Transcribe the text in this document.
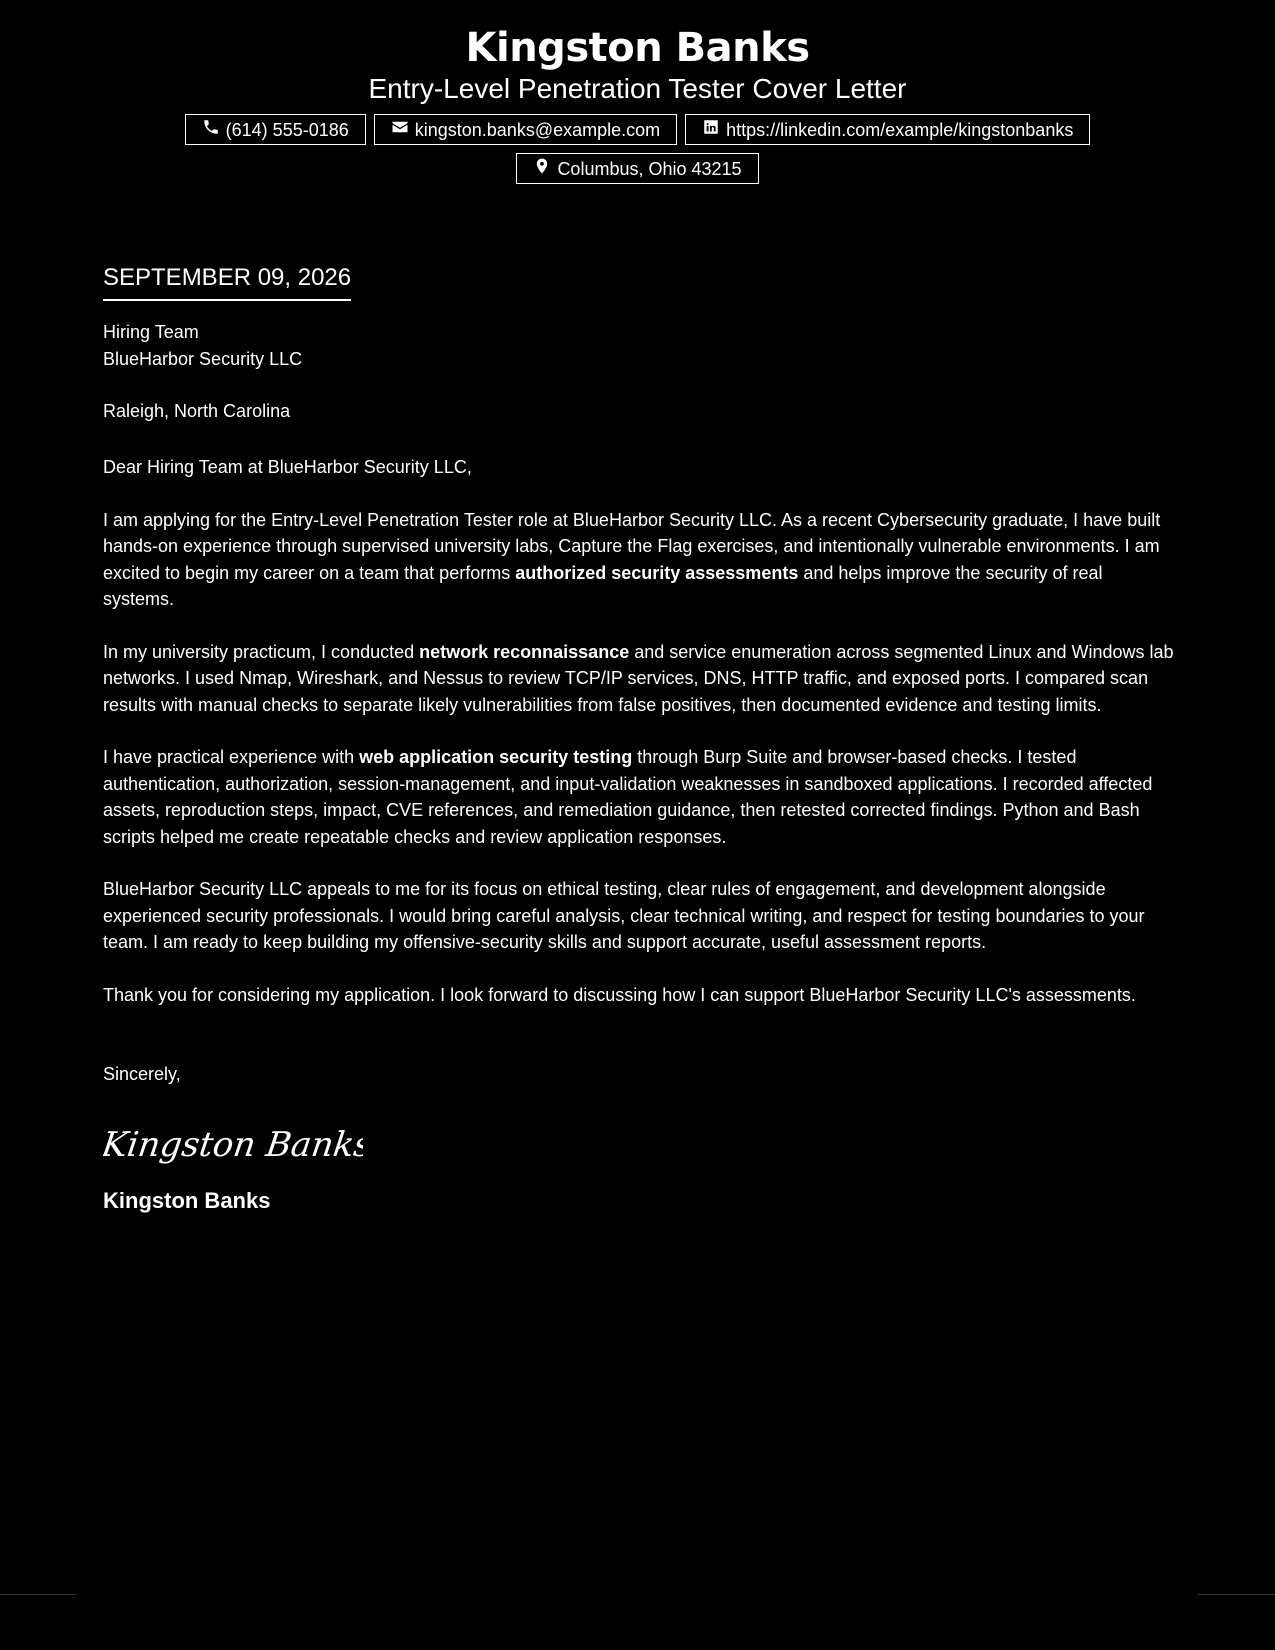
Kingston Banks
Entry-Level Penetration Tester Cover Letter
(614) 555-0186	kingston.banks@example.com	https://linkedin.com/example/kingstonbanks
Columbus, Ohio 43215
SEPTEMBER 09, 2026
Hiring Team
BlueHarbor Security LLC
Raleigh, North Carolina
Dear Hiring Team at BlueHarbor Security LLC,
I am applying for the Entry-Level Penetration Tester role at BlueHarbor Security LLC. As a recent Cybersecurity graduate, I have built hands-on experience through supervised university labs, Capture the Flag exercises, and intentionally vulnerable environments. I am excited to begin my career on a team that performs authorized security assessments and helps improve the security of real systems.
In my university practicum, I conducted network reconnaissance and service enumeration across segmented Linux and Windows lab networks. I used Nmap, Wireshark, and Nessus to review TCP/IP services, DNS, HTTP traffic, and exposed ports. I compared scan results with manual checks to separate likely vulnerabilities from false positives, then documented evidence and testing limits.
I have practical experience with web application security testing through Burp Suite and browser-based checks. I tested authentication, authorization, session-management, and input-validation weaknesses in sandboxed applications. I recorded affected assets, reproduction steps, impact, CVE references, and remediation guidance, then retested corrected findings. Python and Bash scripts helped me create repeatable checks and review application responses.
BlueHarbor Security LLC appeals to me for its focus on ethical testing, clear rules of engagement, and development alongside experienced security professionals. I would bring careful analysis, clear technical writing, and respect for testing boundaries to your team. I am ready to keep building my offensive-security skills and support accurate, useful assessment reports.
Thank you for considering my application. I look forward to discussing how I can support BlueHarbor Security LLC's assessments.
Sincerely,
Kingston Banks
Kingston Banks
